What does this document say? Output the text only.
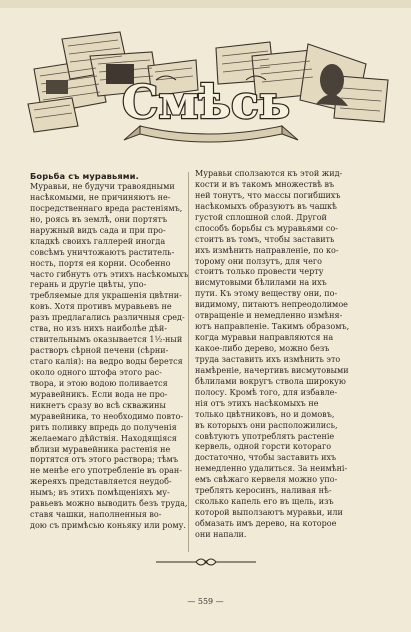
Смѣсь
Борьба съ муравьями.
Муравьи, не будучи травоядными
насѣкомыми, не причиняютъ не-
посредственнаго вреда растеніямъ,
но, роясь въ землѣ, они портятъ
наружный видъ сада и при про-
кладкѣ своихъ галлерей иногда
совсѣмъ уничтожаютъ раститель-
ность, портя ея корни. Особенно
часто гибнутъ отъ этихъ насѣкомыхъ
герань и другіе цвѣты, упо-
требляемые для украшенія цвѣтни-
ковъ. Хотя противъ муравьевъ не
разъ предлагались различныя сред-
ства, но изъ нихъ наиболѣе дѣй-
ствительнымъ оказывается 1½-ный
растворъ сѣрной печени (сѣрни-
стаго калія): на ведро воды берется
около одного штофа этого рас-
твора, и этою водою поливается
муравейникъ. Если вода не про-
никнетъ сразу во всѣ скважины
муравейника, то необходимо повто-
рить поливку впредь до полученія
желаемаго дѣйствія. Находящіяся
вблизи муравейника растенія не
портятся отъ этого раствора; тѣмъ
не менѣе его употребленіе въ оран-
жереяхъ представляется неудоб-
нымъ; въ этихъ помѣщеніяхъ му-
равьевъ можно выводить безъ труда,
ставя чашки, наполненныя во-
дою съ примѣсью коньяку или рому.
Муравьи сползаются къ этой жид-
кости и въ такомъ множествѣ въ
ней тонутъ, что массы погибшихъ
насѣкомыхъ образуютъ въ чашкѣ
густой сплошной слой. Другой
способъ борьбы съ муравьями со-
стоитъ въ томъ, чтобы заставить
ихъ измѣнить направленіе, по ко-
торому они ползутъ, для чего
стоитъ только провести черту
висмутовыми бѣлилами на ихъ
пути. Къ этому веществу они, по-
видимому, питаютъ непреодолимое
отвращеніе и немедленно измѣня-
ютъ направленіе. Такимъ образомъ,
когда муравьи направляются на
какое-либо дерево, можно безъ
труда заставить ихъ измѣнить это
намѣреніе, начертивъ висмутовыми
бѣлилами вокругъ ствола широкую
полосу. Кромѣ того, для избавле-
нія отъ этихъ насѣкомыхъ не
только цвѣтниковъ, но и домовъ,
въ которыхъ они расположились,
совѣтуютъ употреблять растеніе
кервель, одной горсти котораго
достаточно, чтобы заставить ихъ
немедленно удалиться. За неимѣні-
емъ свѣжаго кервеля можно упо-
треблять керосинъ, наливая нѣ-
сколько капель его въ щель, изъ
которой выползаютъ муравьи, или
обмазать имъ дерево, на которое
они напали.
— 559 —
